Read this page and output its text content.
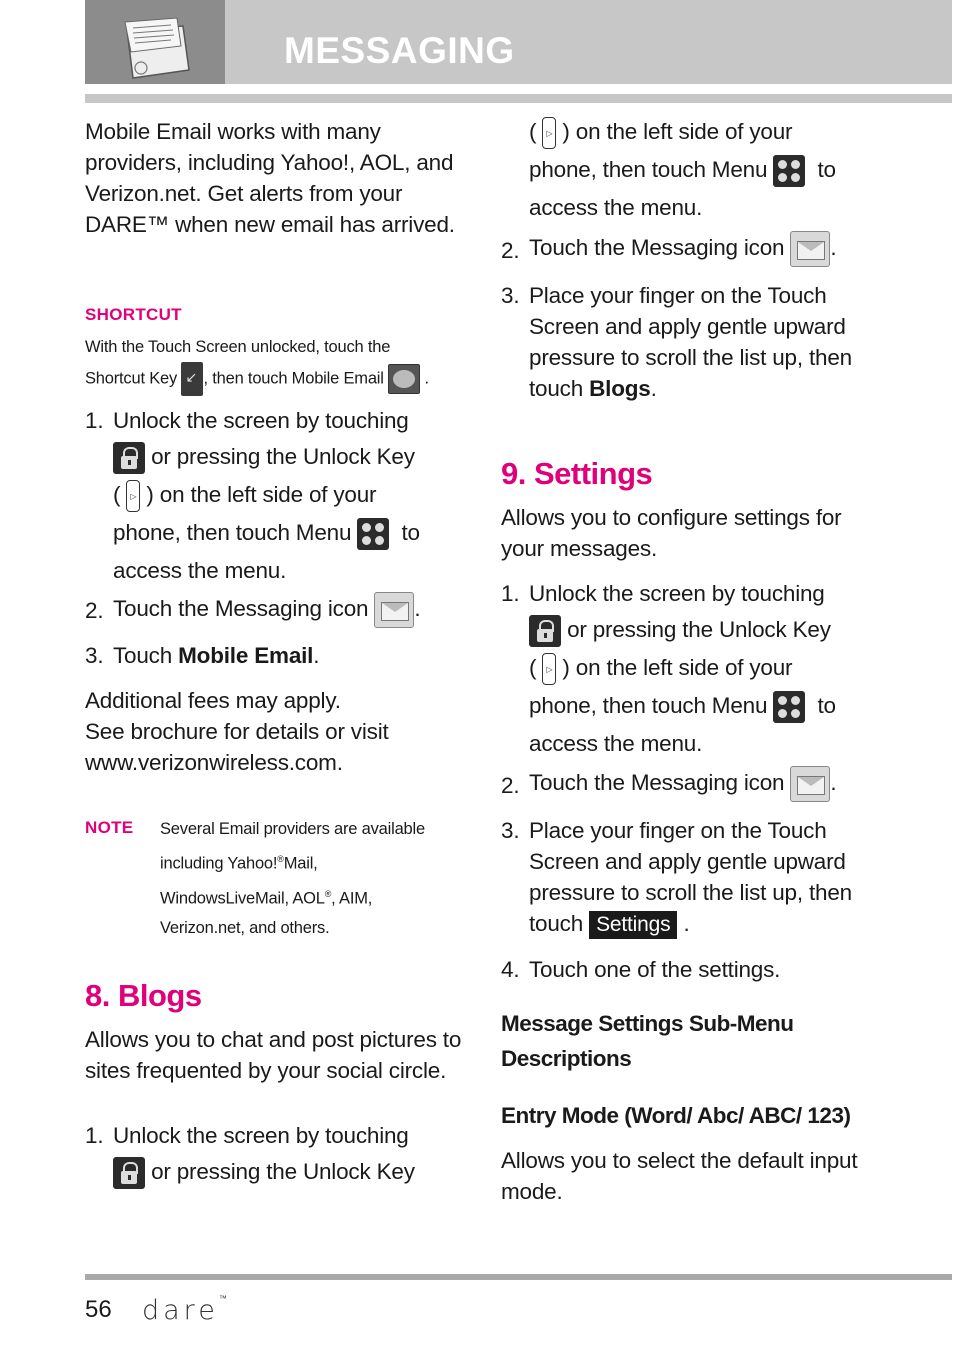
MESSAGING
Mobile Email works with many providers, including Yahoo!, AOL, and Verizon.net. Get alerts from your DARE™ when new email has arrived.
SHORTCUT
With the Touch Screen unlocked, touch the
Shortcut Key ↙ , then touch Mobile Email .
1. Unlock the screen by touching
or pressing the Unlock Key
( ▷ ) on the left side of your
phone, then touch Menu to
access the menu.
2. Touch the Messaging icon .
3. Touch Mobile Email.
Additional fees may apply.
See brochure for details or visit
www.verizonwireless.com.
NOTE Several Email providers are available
including Yahoo!®Mail,
WindowsLiveMail, AOL®, AIM,
Verizon.net, and others.
8. Blogs
Allows you to chat and post pictures to sites frequented by your social circle.
1. Unlock the screen by touching
or pressing the Unlock Key
( ▷ ) on the left side of your
phone, then touch Menu to
access the menu.
2. Touch the Messaging icon .
3. Place your finger on the Touch
Screen and apply gentle upward
pressure to scroll the list up, then
touch Blogs.
9. Settings
Allows you to configure settings for your messages.
1. Unlock the screen by touching
or pressing the Unlock Key
( ▷ ) on the left side of your
phone, then touch Menu to
access the menu.
2. Touch the Messaging icon .
3. Place your finger on the Touch
Screen and apply gentle upward
pressure to scroll the list up, then
touch Settings .
4. Touch one of the settings.
Message Settings Sub-Menu
Descriptions
Entry Mode (Word/ Abc/ ABC/ 123)
Allows you to select the default input mode.
56 dare™
